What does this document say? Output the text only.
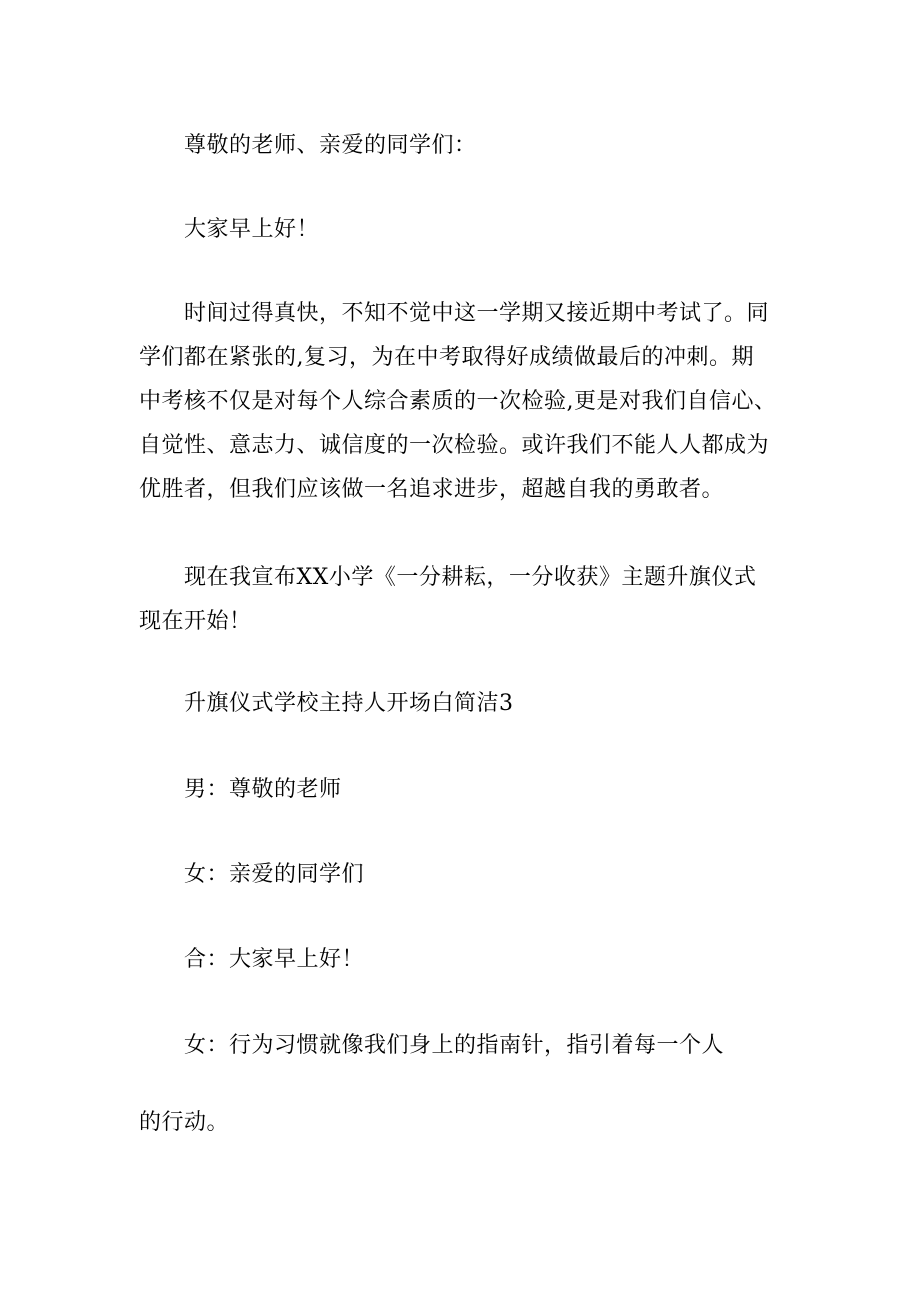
尊敬的老师、亲爱的同学们：

大家早上好！

时间过得真快，不知不觉中这一学期又接近期中考试了。同
学们都在紧张的,复习，为在中考取得好成绩做最后的冲刺。期
中考核不仅是对每个人综合素质的一次检验,更是对我们自信心、
自觉性、意志力、诚信度的一次检验。或许我们不能人人都成为
优胜者，但我们应该做一名追求进步，超越自我的勇敢者。

现在我宣布XX小学《一分耕耘，一分收获》主题升旗仪式
现在开始！

升旗仪式学校主持人开场白简洁3

男：尊敬的老师

女：亲爱的同学们

合：大家早上好！

女：行为习惯就像我们身上的指南针，指引着每一个人

的行动。
